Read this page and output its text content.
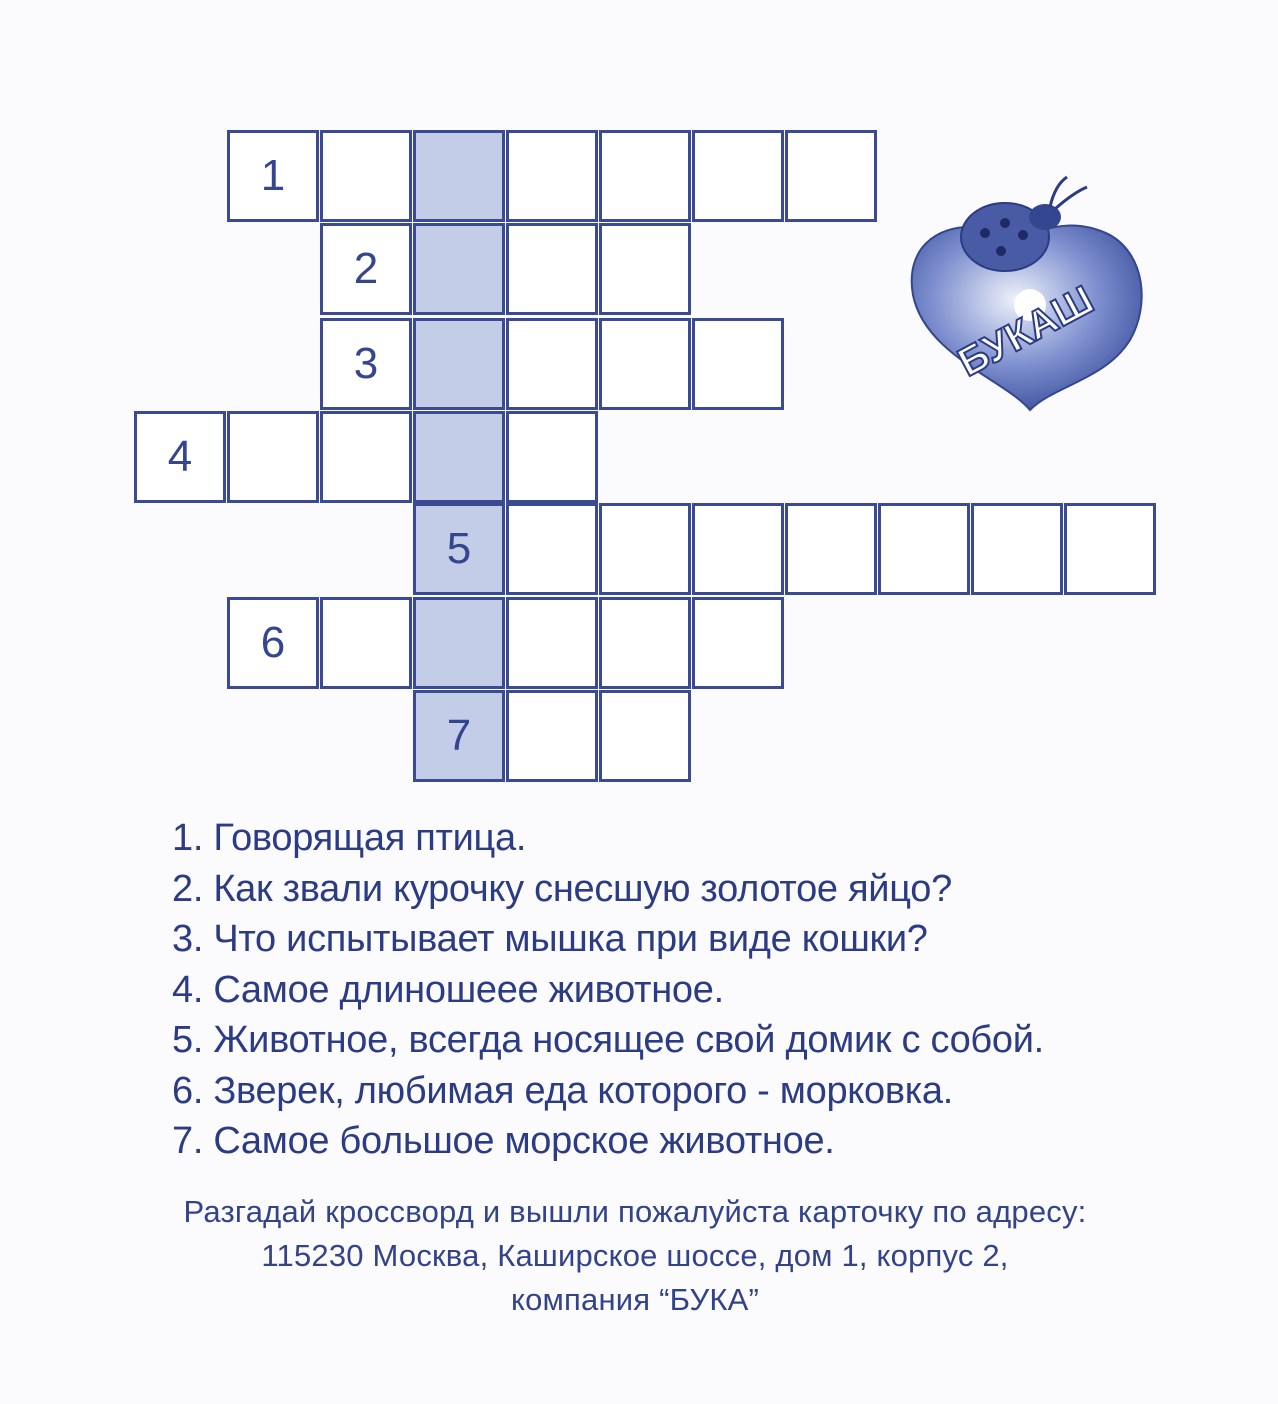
1
2
3
4
5
6
7
БУКАШ
1. Говорящая птица.
2. Как звали курочку снесшую золотое яйцо?
3. Что испытывает мышка при виде кошки?
4. Самое длиношеее животное.
5. Животное, всегда носящее свой домик с собой.
6. Зверек, любимая еда которого - морковка.
7. Самое большое морское животное.
Разгадай кроссворд и вышли пожалуйста карточку по адресу:
115230 Москва, Каширское шоссе, дом 1, корпус 2,
компания “БУКА”
